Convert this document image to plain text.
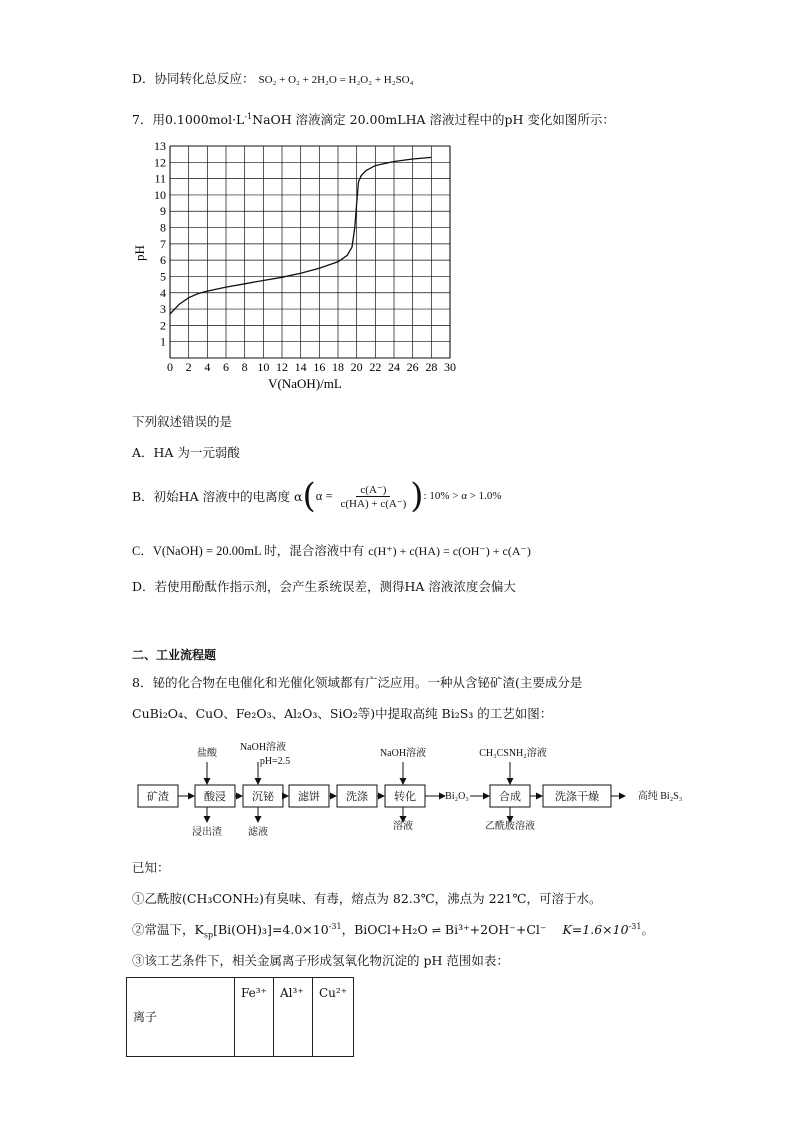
D．协同转化总反应： SO₂ + O₂ + 2H₂O = H₂O₂ + H₂SO₄
7．用$0.1000mol\cdot L^{-1}NaOH$ 溶液滴定 20.00mLHA 溶液过程中的pH 变化如图所示：
0 2 4 6 8 10 12 14 16 18 20 22 24 26 28 30
1
2
3
4
5
6
7
8
9
10
11
12
13
V(NaOH)/mL
pH
下列叙述错误的是
A．HA 为一元弱酸
B．初始HA 溶液中的电离度 α ( $\alpha = \frac{c(A^-)}{c(HA) + c(A^-)}$ ) : 10% > α > 1.0%
C．V(NaOH) = 20.00mL 时，混合溶液中有 c(H⁺) + c(HA) = c(OH⁻) + c(A⁻)
D．若使用酚酞作指示剂，会产生系统误差，测得HA 溶液浓度会偏大
二、工业流程题
8．铋的化合物在电催化和光催化领域都有广泛应用。一种从含铋矿渣(主要成分是
CuBi₂O₄、CuO、Fe₂O₃、Al₂O₃、SiO₂等)中提取高纯 Bi₂S₃ 的工艺如图：
矿渣	酸浸 沉铋 滤饼 洗涤 转化	合成	洗涤干燥
盐酸
NaOH溶液
pH=2.5
NaOH溶液	CH₃CSNH₂溶液
浸出渣	滤液
溶液	乙酰胺溶液
Bi₂O₃	高纯 Bi₂S₃
已知：
①乙酰胺(CH₃CONH₂)有臭味、有毒，熔点为 82.3℃，沸点为 221℃，可溶于水。
②常温下，$K_{sp}[Bi(OH)_3]=4.0\times 10^{-31}$，BiOCl+H₂O ⇌ Bi³⁺+2OH⁻+Cl⁻ $K=1.6\times 10^{-31}$。
③该工艺条件下，相关金属离子形成氢氧化物沉淀的 pH 范围如表：
离子	Fe³⁺	Al³⁺	Cu²⁺
